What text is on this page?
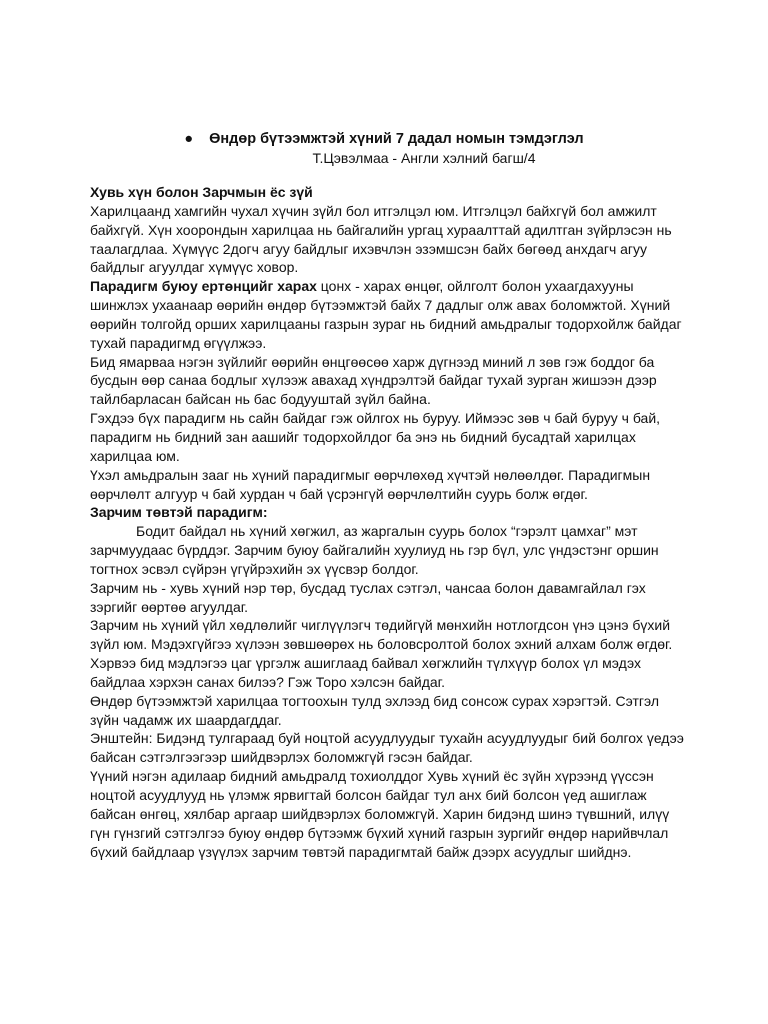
● Өндөр бүтээмжтэй хүний 7 дадал номын тэмдэглэл
Т.Цэвэлмаа - Англи хэлний багш/4
Хувь хүн болон Зарчмын ёс зүй
Харилцаанд хамгийн чухал хүчин зүйл бол итгэлцэл юм. Итгэлцэл байхгүй бол амжилт
байхгүй. Хүн хоорондын харилцаа нь байгалийн ургац хураалттай адилтган зүйрлэсэн нь
таалагдлаа. Хүмүүс 2догч агуу байдлыг ихэвчлэн эзэмшсэн байх бөгөөд анхдагч агуу
байдлыг агуулдаг хүмүүс ховор.
Парадигм буюу ертөнцийг харах цонх - харах өнцөг, ойлголт болон ухаагдахууны
шинжлэх ухаанаар өөрийн өндөр бүтээмжтэй байх 7 дадлыг олж авах боломжтой. Хүний
өөрийн толгойд орших харилцааны газрын зураг нь бидний амьдралыг тодорхойлж байдаг
тухай парадигмд өгүүлжээ.
Бид ямарваа нэгэн зүйлийг өөрийн өнцгөөсөө харж дүгнээд миний л зөв гэж боддог ба
бусдын өөр санаа бодлыг хүлээж авахад хүндрэлтэй байдаг тухай зурган жишээн дээр
тайлбарласан байсан нь бас бодууштай зүйл байна.
Гэхдээ бүх парадигм нь сайн байдаг гэж ойлгох нь буруу. Иймээс зөв ч бай буруу ч бай,
парадигм нь бидний зан аашийг тодорхойлдог ба энэ нь бидний бусадтай харилцах
харилцаа юм.
Үхэл амьдралын зааг нь хүний парадигмыг өөрчлөхөд хүчтэй нөлөөлдөг. Парадигмын
өөрчлөлт алгуур ч бай хурдан ч бай үсрэнгүй өөрчлөлтийн суурь болж өгдөг.
Зарчим төвтэй парадигм:
Бодит байдал нь хүний хөгжил, аз жаргалын суурь болох “гэрэлт цамхаг” мэт
зарчмуудаас бүрддэг. Зарчим буюу байгалийн хуулиуд нь гэр бүл, улс үндэстэнг оршин
тогтнох эсвэл сүйрэн үгүйрэхийн эх үүсвэр болдог.
Зарчим нь - хувь хүний нэр төр, бусдад туслах сэтгэл, чансаа болон давамгайлал гэх
зэргийг өөртөө агуулдаг.
Зарчим нь хүний үйл хөдлөлийг чиглүүлэгч төдийгүй мөнхийн нотлогдсон үнэ цэнэ бүхий
зүйл юм. Мэдэхгүйгээ хүлээн зөвшөөрөх нь боловсролтой болох эхний алхам болж өгдөг.
Хэрвээ бид мэдлэгээ цаг үргэлж ашиглаад байвал хөгжлийн түлхүүр болох үл мэдэх
байдлаа хэрхэн санах билээ? Гэж Торо хэлсэн байдаг.
Өндөр бүтээмжтэй харилцаа тогтоохын тулд эхлээд бид сонсож сурах хэрэгтэй. Сэтгэл
зүйн чадамж их шаардагддаг.
Энштейн: Бидэнд тулгараад буй ноцтой асуудлуудыг тухайн асуудлуудыг бий болгох үедээ
байсан сэтгэлгээгээр шийдвэрлэх боломжгүй гэсэн байдаг.
Үүний нэгэн адилаар бидний амьдралд тохиолддог Хувь хүний ёс зүйн хүрээнд үүссэн
ноцтой асуудлууд нь үлэмж ярвигтай болсон байдаг тул анх бий болсон үед ашиглаж
байсан өнгөц, хялбар аргаар шийдвэрлэх боломжгүй. Харин бидэнд шинэ түвшний, илүү
гүн гүнзгий сэтгэлгээ буюу өндөр бүтээмж бүхий хүний газрын зургийг өндөр нарийвчлал
бүхий байдлаар үзүүлэх зарчим төвтэй парадигмтай байж дээрх асуудлыг шийднэ.
